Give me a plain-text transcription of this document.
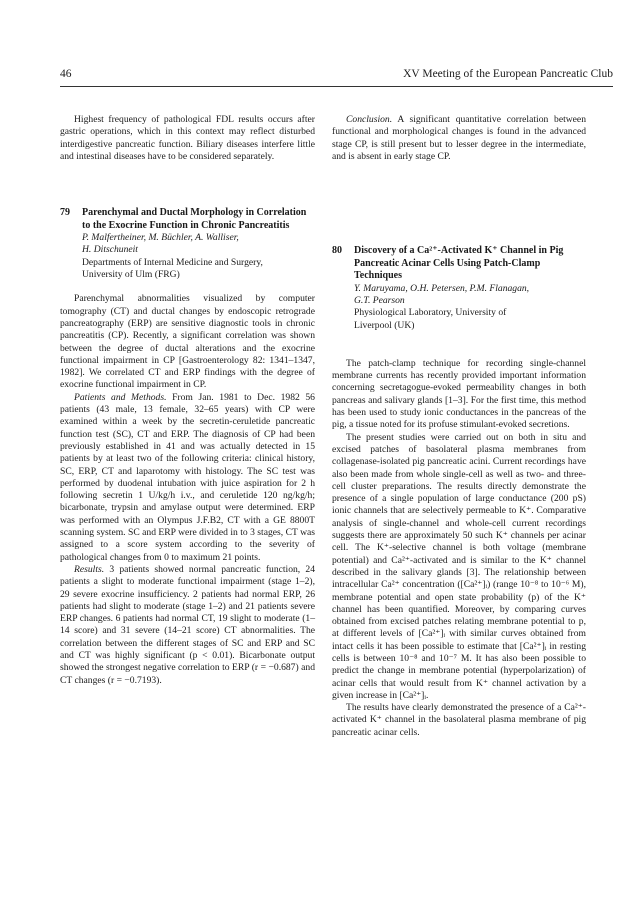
46	XV Meeting of the European Pancreatic Club

Highest frequency of pathological FDL results occurs after gastric operations, which in this context may reflect disturbed interdigestive pancreatic function. Biliary diseases interfere little and intestinal diseases have to be considered separately.

79	Parenchymal and Ductal Morphology in Correlation to the Exocrine Function in Chronic Pancreatitis
P. Malfertheiner, M. Büchler, A. Walliser,
H. Ditschuneit
Departments of Internal Medicine and Surgery,
University of Ulm (FRG)

Parenchymal abnormalities visualized by computer tomography (CT) and ductal changes by endoscopic retrograde pancreatography (ERP) are sensitive diagnostic tools in chronic pancreatitis (CP). Recently, a significant correlation was shown between the degree of ductal alterations and the exocrine functional impairment in CP [Gastroenterology 82: 1341–1347, 1982]. We correlated CT and ERP findings with the degree of exocrine functional impairment in CP.

Patients and Methods. From Jan. 1981 to Dec. 1982 56 patients (43 male, 13 female, 32–65 years) with CP were examined within a week by the secretin-ceruletide pancreatic function test (SC), CT and ERP. The diagnosis of CP had been previously established in 41 and was actually detected in 15 patients by at least two of the following criteria: clinical history, SC, ERP, CT and laparotomy with histology. The SC test was performed by duodenal intubation with juice aspiration for 2 h following secretin 1 U/kg/h i.v., and ceruletide 120 ng/kg/h; bicarbonate, trypsin and amylase output were determined. ERP was performed with an Olympus J.F.B2, CT with a GE 8800T scanning system. SC and ERP were divided in to 3 stages, CT was assigned to a score system according to the severity of pathological changes from 0 to maximum 21 points.

Results. 3 patients showed normal pancreatic function, 24 patients a slight to moderate functional impairment (stage 1–2), 29 severe exocrine insufficiency. 2 patients had normal ERP, 26 patients had slight to moderate (stage 1–2) and 21 patients severe ERP changes. 6 patients had normal CT, 19 slight to moderate (1–14 score) and 31 severe (14–21 score) CT abnormalities. The correlation between the different stages of SC and ERP and SC and CT was highly significant (p < 0.01). Bicarbonate output showed the strongest negative correlation to ERP (r = −0.687) and CT changes (r = −0.7193).

Conclusion. A significant quantitative correlation between functional and morphological changes is found in the advanced stage CP, is still present but to lesser degree in the intermediate, and is absent in early stage CP.

80	Discovery of a Ca²⁺-Activated K⁺ Channel in Pig Pancreatic Acinar Cells Using Patch-Clamp Techniques
Y. Maruyama, O.H. Petersen, P.M. Flanagan,
G.T. Pearson
Physiological Laboratory, University of
Liverpool (UK)

The patch-clamp technique for recording single-channel membrane currents has recently provided important information concerning secretagogue-evoked permeability changes in both pancreas and salivary glands [1–3]. For the first time, this method has been used to study ionic conductances in the pancreas of the pig, a tissue noted for its profuse stimulant-evoked secretions.

The present studies were carried out on both in situ and excised patches of basolateral plasma membranes from collagenase-isolated pig pancreatic acini. Current recordings have also been made from whole single-cell as well as two- and three-cell cluster preparations. The results directly demonstrate the presence of a single population of large conductance (200 pS) ionic channels that are selectively permeable to K⁺. Comparative analysis of single-channel and whole-cell current recordings suggests there are approximately 50 such K⁺ channels per acinar cell. The K⁺-selective channel is both voltage (membrane potential) and Ca²⁺-activated and is similar to the K⁺ channel described in the salivary glands [3]. The relationship between intracellular Ca²⁺ concentration ([Ca²⁺]ᵢ) (range 10⁻⁸ to 10⁻⁶ M), membrane potential and open state probability (p) of the K⁺ channel has been quantified. Moreover, by comparing curves obtained from excised patches relating membrane potential to p, at different levels of [Ca²⁺]ᵢ with similar curves obtained from intact cells it has been possible to estimate that [Ca²⁺]ᵢ in resting cells is between 10⁻⁸ and 10⁻⁷ M. It has also been possible to predict the change in membrane potential (hyperpolarization) of acinar cells that would result from K⁺ channel activation by a given increase in [Ca²⁺]ᵢ.

The results have clearly demonstrated the presence of a Ca²⁺-activated K⁺ channel in the basolateral plasma membrane of pig pancreatic acinar cells.
